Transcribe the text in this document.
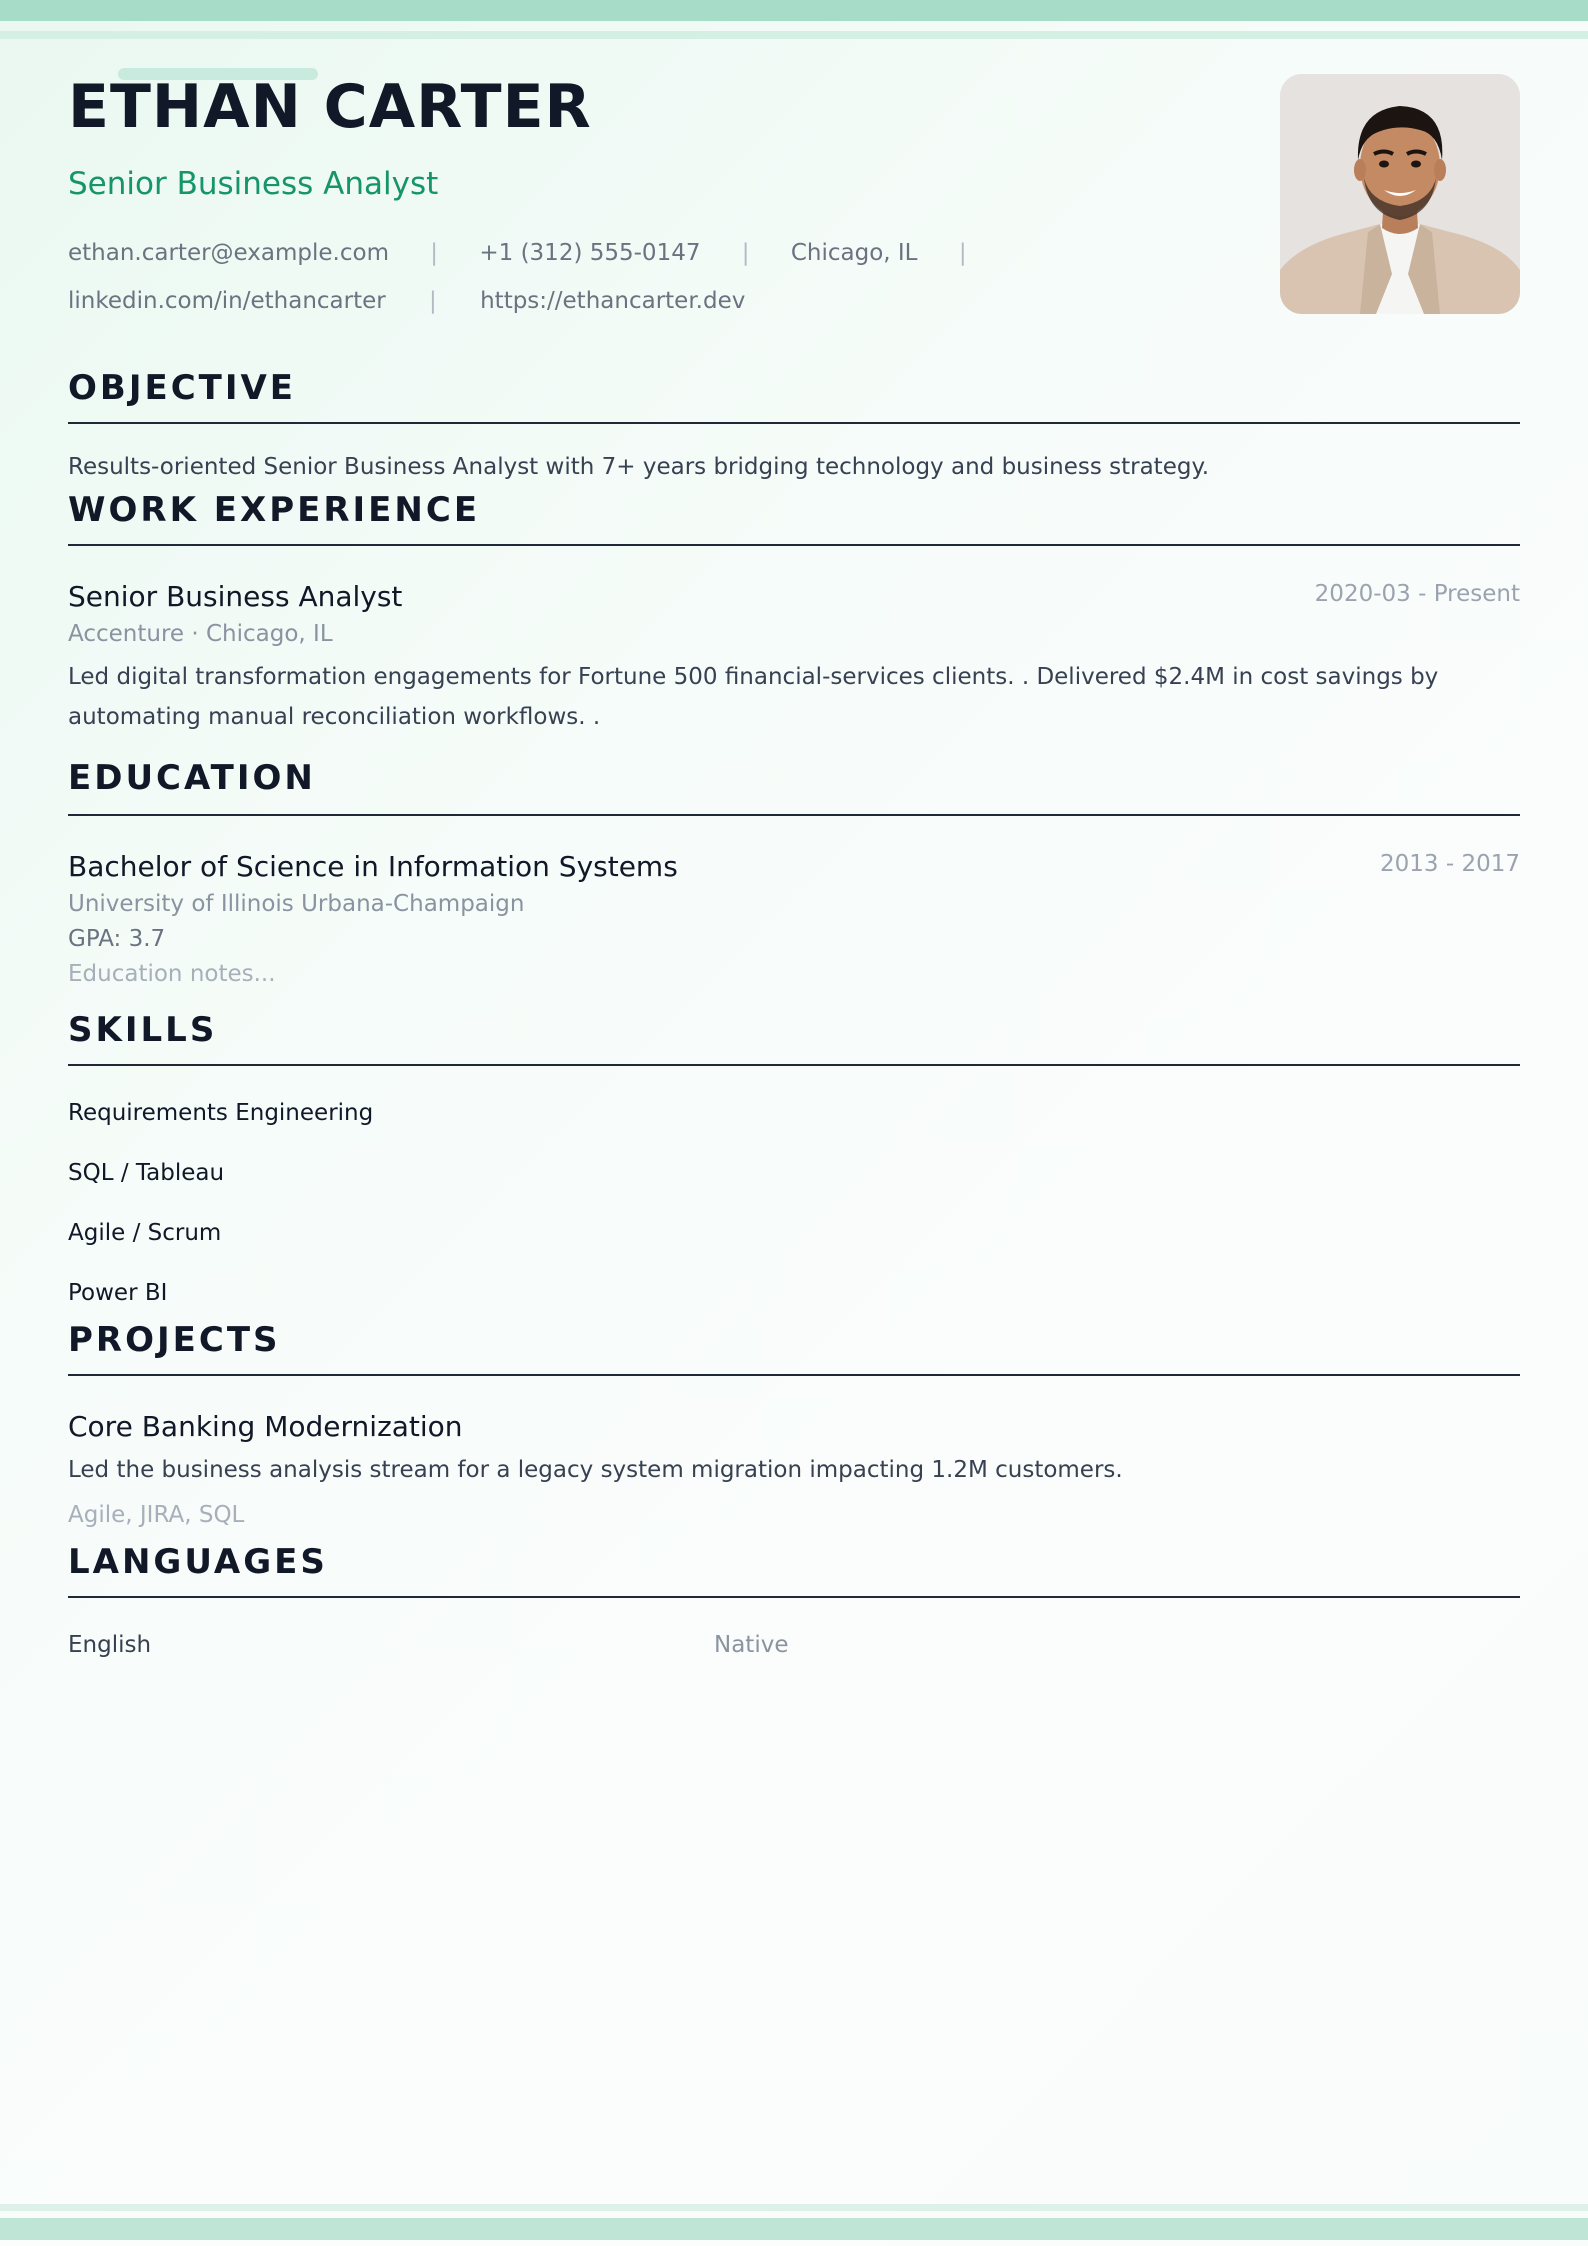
ETHAN CARTER
Senior Business Analyst
ethan.carter@example.com | +1 (312) 555-0147 | Chicago, IL |
linkedin.com/in/ethancarter | https://ethancarter.dev
OBJECTIVE
Results-oriented Senior Business Analyst with 7+ years bridging technology and business strategy.
WORK EXPERIENCE
Senior Business Analyst	2020-03 - Present
Accenture · Chicago, IL
Led digital transformation engagements for Fortune 500 financial-services clients. . Delivered $2.4M in cost savings by automating manual reconciliation workflows. .
EDUCATION
Bachelor of Science in Information Systems	2013 - 2017
University of Illinois Urbana-Champaign
GPA: 3.7
Education notes...
SKILLS
Requirements Engineering
SQL / Tableau
Agile / Scrum
Power BI
PROJECTS
Core Banking Modernization
Led the business analysis stream for a legacy system migration impacting 1.2M customers.
Agile, JIRA, SQL
LANGUAGES
English	Native
